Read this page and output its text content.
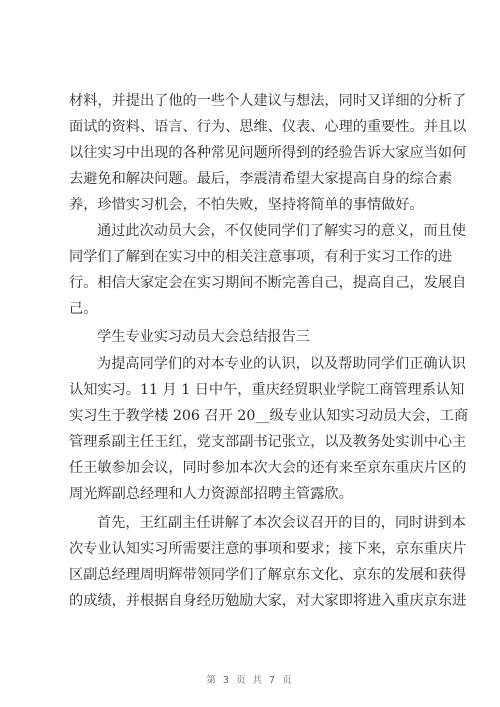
材料，并提出了他的一些个人建议与想法，同时又详细的分析了
面试的资料、语言、行为、思维、仪表、心理的重要性。并且以
以往实习中出现的各种常见问题所得到的经验告诉大家应当如何
去避免和解决问题。最后，李震清希望大家提高自身的综合素
养，珍惜实习机会，不怕失败，坚持将简单的事情做好。
通过此次动员大会，不仅使同学们了解实习的意义，而且使
同学们了解到在实习中的相关注意事项，有利于实习工作的进
行。相信大家定会在实习期间不断完善自己，提高自己，发展自
己。
学生专业实习动员大会总结报告三
为提高同学们的对本专业的认识，以及帮助同学们正确认识
认知实习。11 月 1 日中午，重庆经贸职业学院工商管理系认知
实习生于教学楼 206 召开 20__级专业认知实习动员大会，工商
管理系副主任王红，党支部副书记张立，以及教务处实训中心主
任王敏参加会议，同时参加本次大会的还有来至京东重庆片区的
周光辉副总经理和人力资源部招聘主管露欣。
首先，王红副主任讲解了本次会议召开的目的，同时讲到本
次专业认知实习所需要注意的事项和要求；接下来，京东重庆片
区副总经理周明辉带领同学们了解京东文化、京东的发展和获得
的成绩，并根据自身经历勉励大家，对大家即将进入重庆京东进
第 3 页 共 7 页
